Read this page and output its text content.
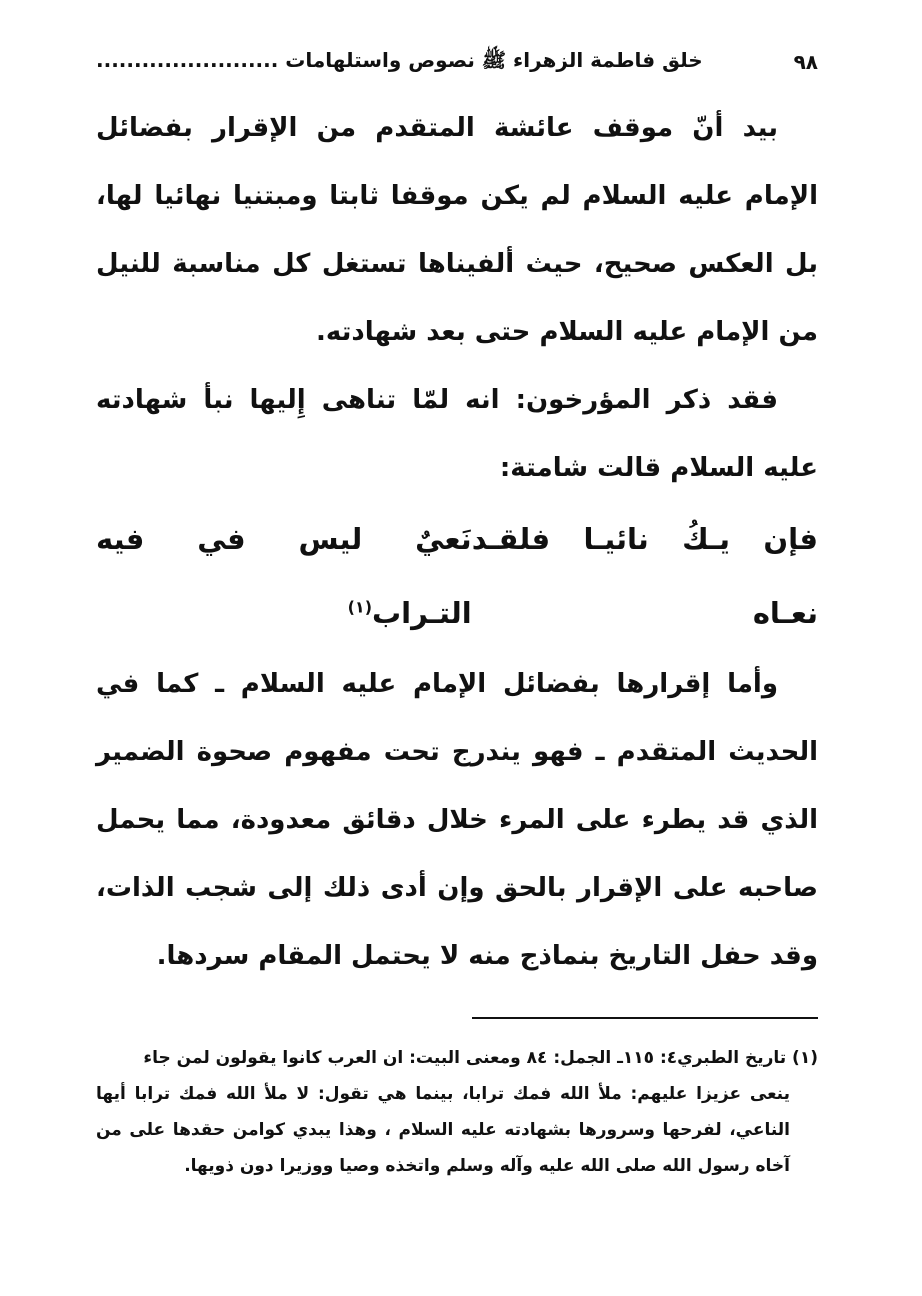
٩٨
خلق فاطمة الزهراء ﷺ نصوص واستلهامات ........................

بيد أنّ موقف عائشة المتقدم من الإقرار بفضائل الإمام عليه السلام لم يكن موقفا ثابتا ومبتنيا نهائيا لها، بل العكس صحيح، حيث ألفيناها تستغل كل مناسبة للنيل من الإمام عليه السلام حتى بعد شهادته.

فقد ذكر المؤرخون: انه لمّا تناهى إِليها نبأ شهادته عليه السلام قالت شامتة:

فإن يـكُ نائيـا فلقـد نعـاه
نَعيٌ ليس في فيه التـراب$^{(١)}$

وأما إقرارها بفضائل الإمام عليه السلام ـ كما في الحديث المتقدم ـ فهو يندرج تحت مفهوم صحوة الضمير الذي قد يطرء على المرء خلال دقائق معدودة، مما يحمل صاحبه على الإقرار بالحق وإن أدى ذلك إلى شجب الذات، وقد حفل التاريخ بنماذج منه لا يحتمل المقام سردها.

(١) تاريخ الطبري٤: ١١٥ـ الجمل: ٨٤ ومعنى البيت: ان العرب كانوا يقولون لمن جاء

ينعى عزيزا عليهم: ملأ الله فمك ترابا، بينما هي تقول: لا ملأ الله فمك ترابا أيها الناعي، لفرحها وسرورها بشهادته عليه السلام ، وهذا يبدي كوامن حقدها على من آخاه رسول الله صلى الله عليه وآله وسلم واتخذه وصيا ووزيرا دون ذويها.
